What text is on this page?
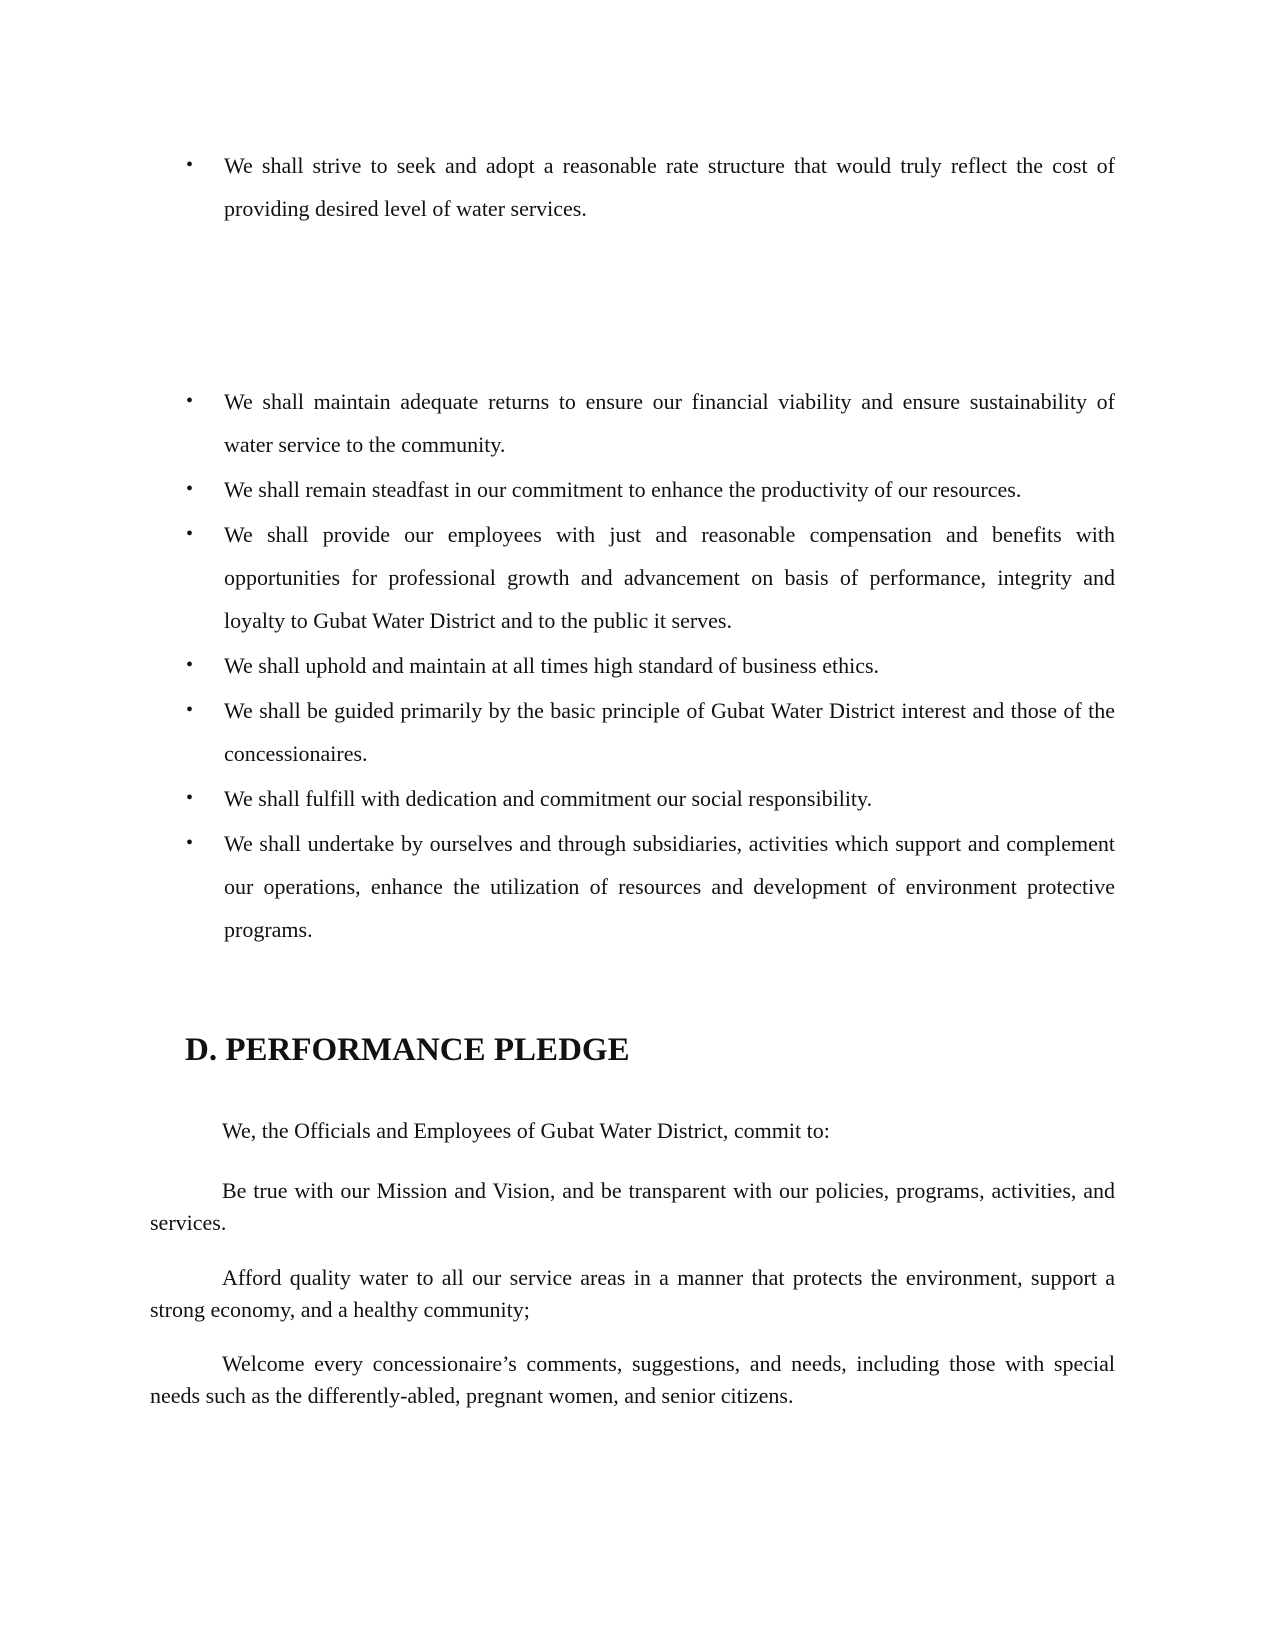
• We shall strive to seek and adopt a reasonable rate structure that would truly reflect the cost of providing desired level of water services.
• We shall maintain adequate returns to ensure our financial viability and ensure sustainability of water service to the community.
• We shall remain steadfast in our commitment to enhance the productivity of our resources.
• We shall provide our employees with just and reasonable compensation and benefits with opportunities for professional growth and advancement on basis of performance, integrity and loyalty to Gubat Water District and to the public it serves.
• We shall uphold and maintain at all times high standard of business ethics.
• We shall be guided primarily by the basic principle of Gubat Water District interest and those of the concessionaires.
• We shall fulfill with dedication and commitment our social responsibility.
• We shall undertake by ourselves and through subsidiaries, activities which support and complement our operations, enhance the utilization of resources and development of environment protective programs.
D. PERFORMANCE PLEDGE

We, the Officials and Employees of Gubat Water District, commit to:

Be true with our Mission and Vision, and be transparent with our policies, programs, activities, and services.

Afford quality water to all our service areas in a manner that protects the environment, support a strong economy, and a healthy community;

Welcome every concessionaire’s comments, suggestions, and needs, including those with special needs such as the differently-abled, pregnant women, and senior citizens.
